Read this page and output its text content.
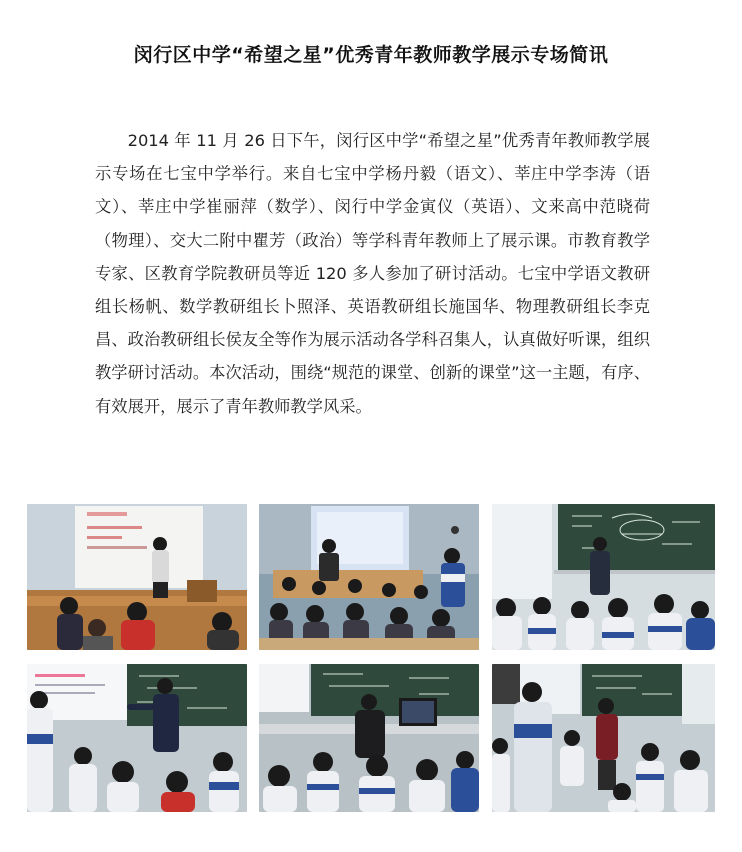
闵行区中学“希望之星”优秀青年教师教学展示专场简讯

2014 年 11 月 26 日下午，闵行区中学“希望之星”优秀青年教师教学展示专场在七宝中学举行。来自七宝中学杨丹毅（语文）、莘庄中学李涛（语文）、莘庄中学崔丽萍（数学）、闵行中学金寅仪（英语）、文来高中范晓荷（物理）、交大二附中瞿芳（政治）等学科青年教师上了展示课。市教育教学专家、区教育学院教研员等近 120 多人参加了研讨活动。七宝中学语文教研组长杨帆、数学教研组长卜照泽、英语教研组长施国华、物理教研组长李克昌、政治教研组长侯友全等作为展示活动各学科召集人，认真做好听课，组织教学研讨活动。本次活动，围绕“规范的课堂、创新的课堂”这一主题，有序、有效展开，展示了青年教师教学风采。
